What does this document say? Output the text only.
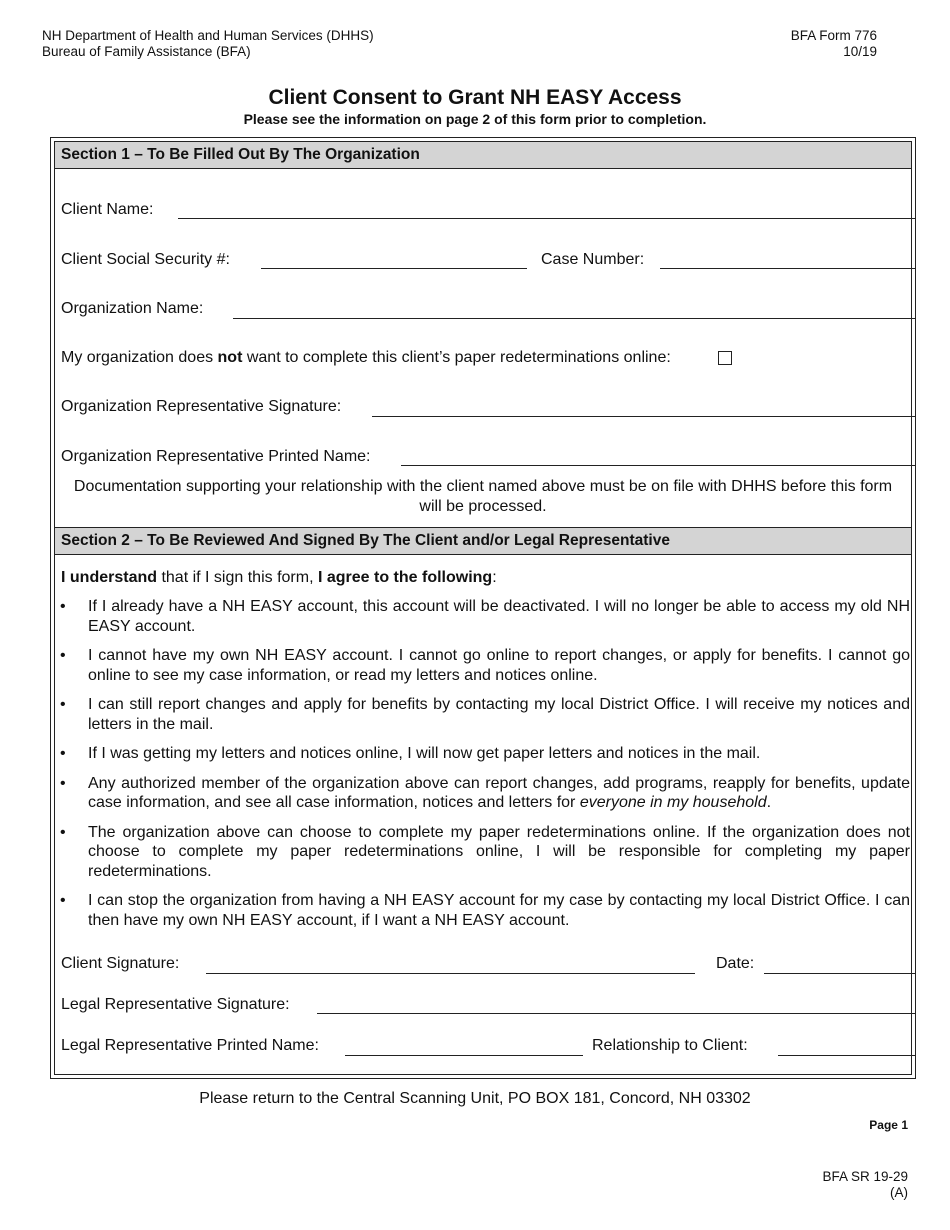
NH Department of Health and Human Services (DHHS)
Bureau of Family Assistance (BFA)
BFA Form 776
10/19
Client Consent to Grant NH EASY Access
Please see the information on page 2 of this form prior to completion.
Section 1 – To Be Filled Out By The Organization
Client Name:
Client Social Security #:	Case Number:
Organization Name:
My organization does not want to complete this client’s paper redeterminations online:
Organization Representative Signature:
Organization Representative Printed Name:
Documentation supporting your relationship with the client named above must be on file with DHHS before this form will be processed.
Section 2 – To Be Reviewed And Signed By The Client and/or Legal Representative
I understand that if I sign this form, I agree to the following:
• If I already have a NH EASY account, this account will be deactivated. I will no longer be able to access my old NH EASY account.
• I cannot have my own NH EASY account. I cannot go online to report changes, or apply for benefits. I cannot go online to see my case information, or read my letters and notices online.
• I can still report changes and apply for benefits by contacting my local District Office. I will receive my notices and letters in the mail.
• If I was getting my letters and notices online, I will now get paper letters and notices in the mail.
• Any authorized member of the organization above can report changes, add programs, reapply for benefits, update case information, and see all case information, notices and letters for everyone in my household.
• The organization above can choose to complete my paper redeterminations online. If the organization does not choose to complete my paper redeterminations online, I will be responsible for completing my paper redeterminations.
• I can stop the organization from having a NH EASY account for my case by contacting my local District Office. I can then have my own NH EASY account, if I want a NH EASY account.
Client Signature:	Date:
Legal Representative Signature:
Legal Representative Printed Name:	Relationship to Client:
Please return to the Central Scanning Unit, PO BOX 181, Concord, NH 03302
Page 1
BFA SR 19-29
(A)
